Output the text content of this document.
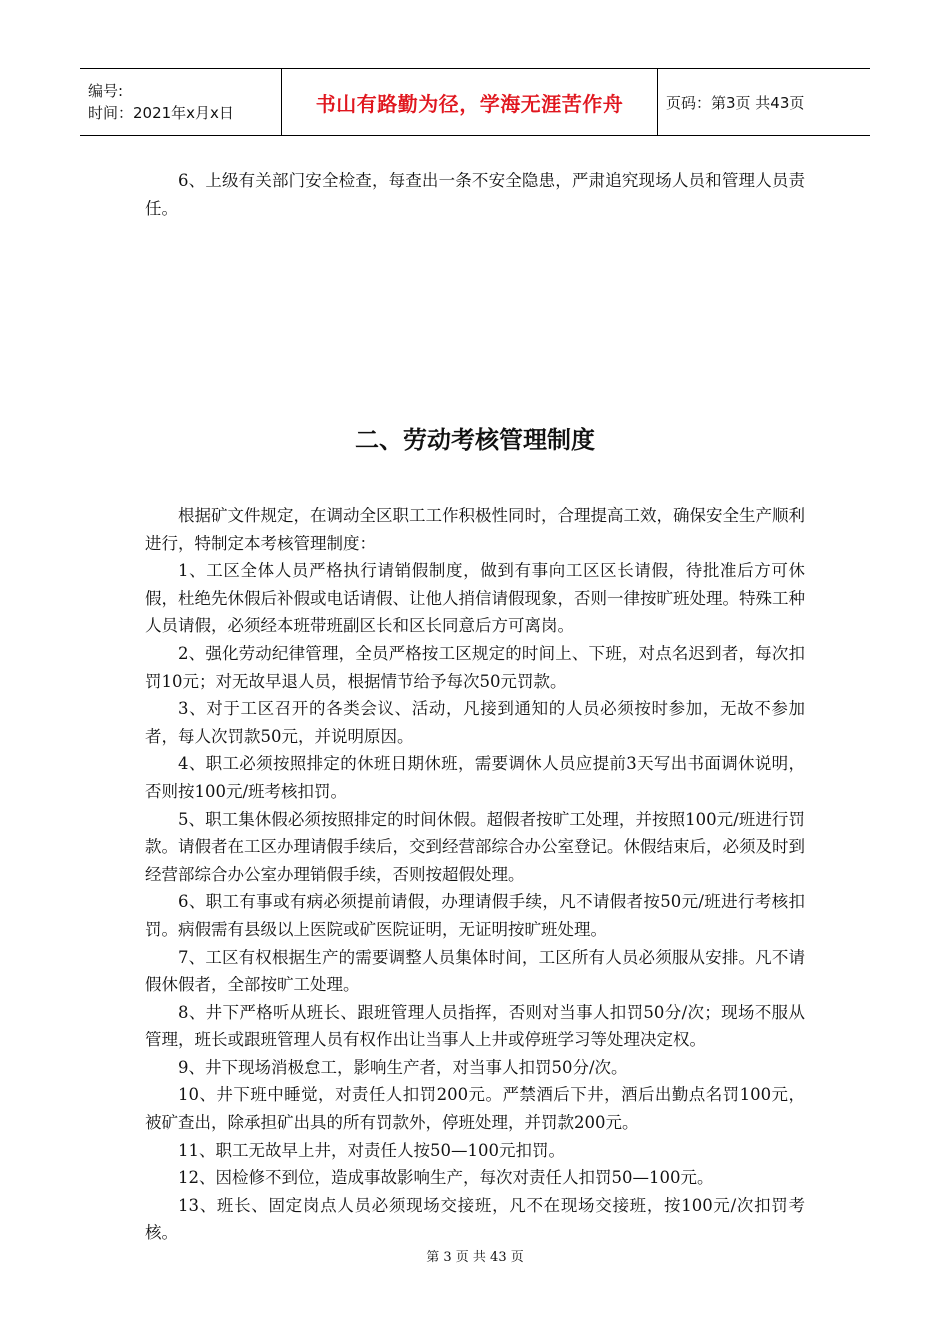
编号:
时间：2021年x月x日	书山有路勤为径，学海无涯苦作舟	页码：第3页 共43页

6、上级有关部门安全检查，每查出一条不安全隐患，严肃追究现场人员和管理人员责任。

二、劳动考核管理制度

根据矿文件规定，在调动全区职工工作积极性同时，合理提高工效，确保安全生产顺利进行，特制定本考核管理制度：

1、工区全体人员严格执行请销假制度，做到有事向工区区长请假，待批准后方可休假，杜绝先休假后补假或电话请假、让他人捎信请假现象，否则一律按旷班处理。特殊工种人员请假，必须经本班带班副区长和区长同意后方可离岗。

2、强化劳动纪律管理，全员严格按工区规定的时间上、下班，对点名迟到者，每次扣罚10元；对无故早退人员，根据情节给予每次50元罚款。

3、对于工区召开的各类会议、活动，凡接到通知的人员必须按时参加，无故不参加者，每人次罚款50元，并说明原因。

4、职工必须按照排定的休班日期休班，需要调休人员应提前3天写出书面调休说明，否则按100元/班考核扣罚。

5、职工集休假必须按照排定的时间休假。超假者按旷工处理，并按照100元/班进行罚款。请假者在工区办理请假手续后，交到经营部综合办公室登记。休假结束后，必须及时到经营部综合办公室办理销假手续，否则按超假处理。

6、职工有事或有病必须提前请假，办理请假手续，凡不请假者按50元/班进行考核扣罚。病假需有县级以上医院或矿医院证明，无证明按旷班处理。

7、工区有权根据生产的需要调整人员集体时间，工区所有人员必须服从安排。凡不请假休假者，全部按旷工处理。

8、井下严格听从班长、跟班管理人员指挥，否则对当事人扣罚50分/次；现场不服从管理，班长或跟班管理人员有权作出让当事人上井或停班学习等处理决定权。

9、井下现场消极怠工，影响生产者，对当事人扣罚50分/次。

10、井下班中睡觉，对责任人扣罚200元。严禁酒后下井，酒后出勤点名罚100元，被矿查出，除承担矿出具的所有罚款外，停班处理，并罚款200元。

11、职工无故早上井，对责任人按50—100元扣罚。

12、因检修不到位，造成事故影响生产，每次对责任人扣罚50—100元。

13、班长、固定岗点人员必须现场交接班，凡不在现场交接班，按100元/次扣罚考核。

第 3 页 共 43 页
